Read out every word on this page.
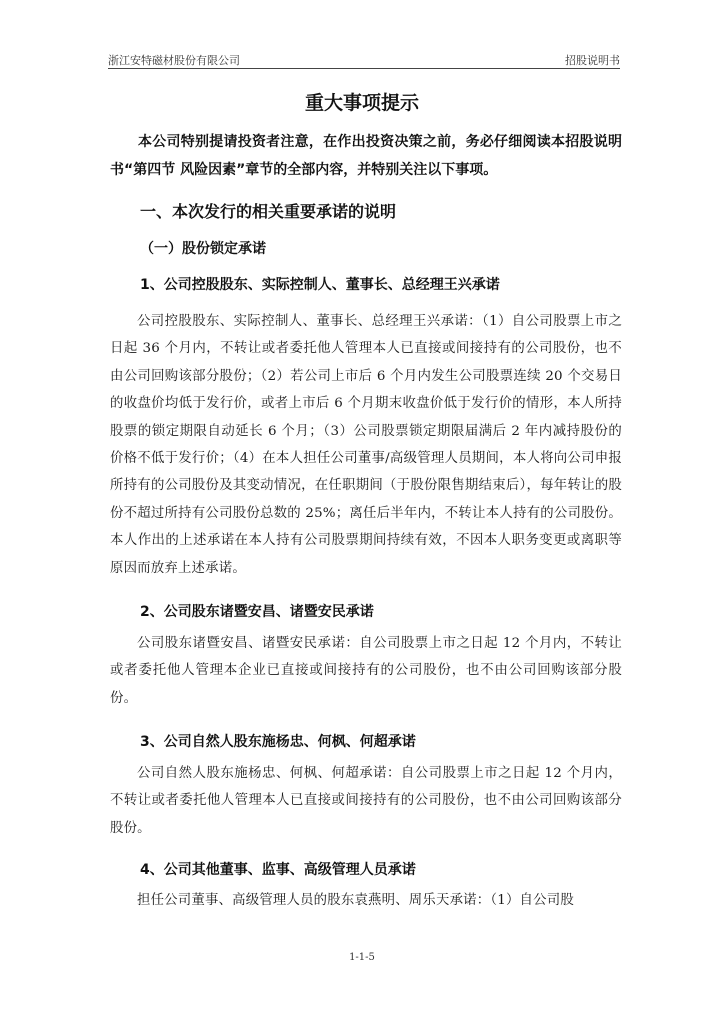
浙江安特磁材股份有限公司	招股说明书
重大事项提示
本公司特别提请投资者注意，在作出投资决策之前，务必仔细阅读本招股说明书“第四节 风险因素”章节的全部内容，并特别关注以下事项。
一、本次发行的相关重要承诺的说明
（一）股份锁定承诺
1、公司控股股东、实际控制人、董事长、总经理王兴承诺
公司控股股东、实际控制人、董事长、总经理王兴承诺：（1）自公司股票上市之日起 36 个月内，不转让或者委托他人管理本人已直接或间接持有的公司股份，也不由公司回购该部分股份；（2）若公司上市后 6 个月内发生公司股票连续 20 个交易日的收盘价均低于发行价，或者上市后 6 个月期末收盘价低于发行价的情形，本人所持股票的锁定期限自动延长 6 个月；（3）公司股票锁定期限届满后 2 年内减持股份的价格不低于发行价；（4）在本人担任公司董事/高级管理人员期间，本人将向公司申报所持有的公司股份及其变动情况，在任职期间（于股份限售期结束后），每年转让的股份不超过所持有公司股份总数的 25%；离任后半年内，不转让本人持有的公司股份。本人作出的上述承诺在本人持有公司股票期间持续有效，不因本人职务变更或离职等原因而放弃上述承诺。
2、公司股东诸暨安昌、诸暨安民承诺
公司股东诸暨安昌、诸暨安民承诺：自公司股票上市之日起 12 个月内，不转让或者委托他人管理本企业已直接或间接持有的公司股份，也不由公司回购该部分股份。
3、公司自然人股东施杨忠、何枫、何超承诺
公司自然人股东施杨忠、何枫、何超承诺：自公司股票上市之日起 12 个月内，不转让或者委托他人管理本人已直接或间接持有的公司股份，也不由公司回购该部分股份。
4、公司其他董事、监事、高级管理人员承诺
担任公司董事、高级管理人员的股东袁燕明、周乐天承诺：（1）自公司股
1-1-5
